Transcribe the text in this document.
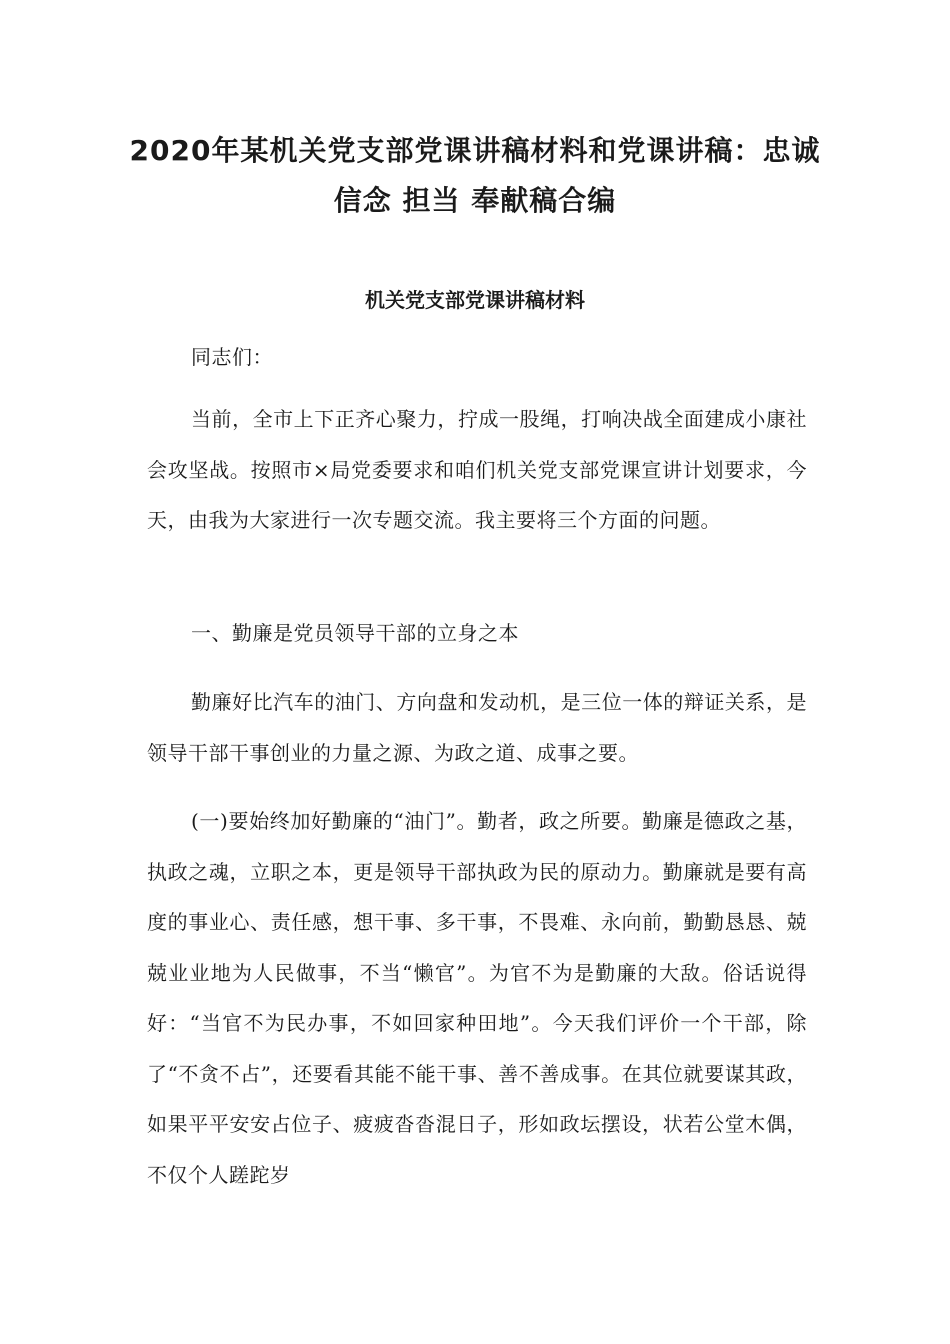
2020年某机关党支部党课讲稿材料和党课讲稿：忠诚 信念 担当 奉献稿合编
机关党支部党课讲稿材料

同志们：

当前，全市上下正齐心聚力，拧成一股绳，打响决战全面建成小康社会攻坚战。按照市×局党委要求和咱们机关党支部党课宣讲计划要求，今天，由我为大家进行一次专题交流。我主要将三个方面的问题。

一、勤廉是党员领导干部的立身之本

勤廉好比汽车的油门、方向盘和发动机，是三位一体的辩证关系，是领导干部干事创业的力量之源、为政之道、成事之要。

(一)要始终加好勤廉的“油门”。勤者，政之所要。勤廉是德政之基，执政之魂，立职之本，更是领导干部执政为民的原动力。勤廉就是要有高度的事业心、责任感，想干事、多干事，不畏难、永向前，勤勤恳恳、兢兢业业地为人民做事，不当“懒官”。为官不为是勤廉的大敌。俗话说得好：“当官不为民办事，不如回家种田地”。今天我们评价一个干部，除了“不贪不占”，还要看其能不能干事、善不善成事。在其位就要谋其政，如果平平安安占位子、疲疲沓沓混日子，形如政坛摆设，状若公堂木偶，不仅个人蹉跎岁
